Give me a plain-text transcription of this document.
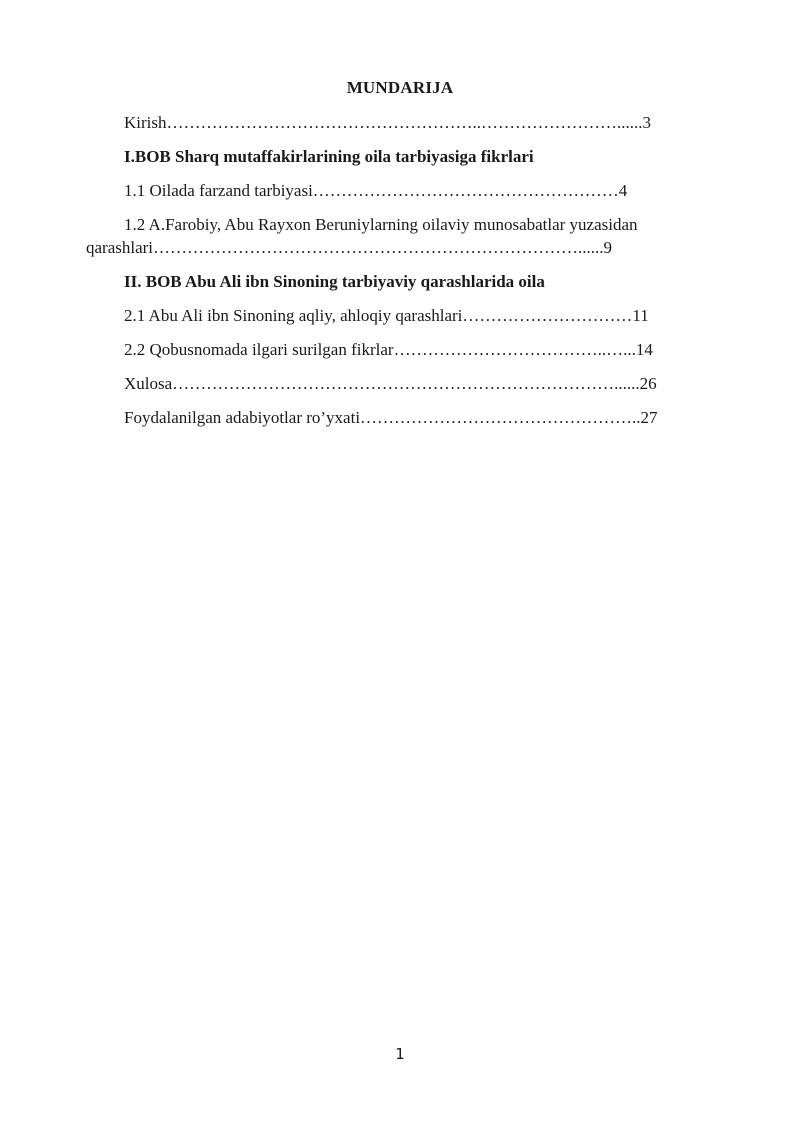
MUNDARIJA
Kirish………………………………………………..……………………......3
I.BOB Sharq mutaffakirlarining oila tarbiyasiga fikrlari
1.1 Oilada farzand tarbiyasi………………………………………………4
1.2 A.Farobiy, Abu Rayxon Beruniylarning oilaviy munosabatlar yuzasidan
qarashlari…………………………………………………………………......9
II. BOB Abu Ali ibn Sinoning tarbiyaviy qarashlarida oila
2.1 Abu Ali ibn Sinoning aqliy, ahloqiy qarashlari…………………………11
2.2 Qobusnomada ilgari surilgan fikrlar………………………………..…...14
Xulosa……………………………………………………………………......26
Foydalanilgan adabiyotlar ro’yxati…………………………………………..27
1
